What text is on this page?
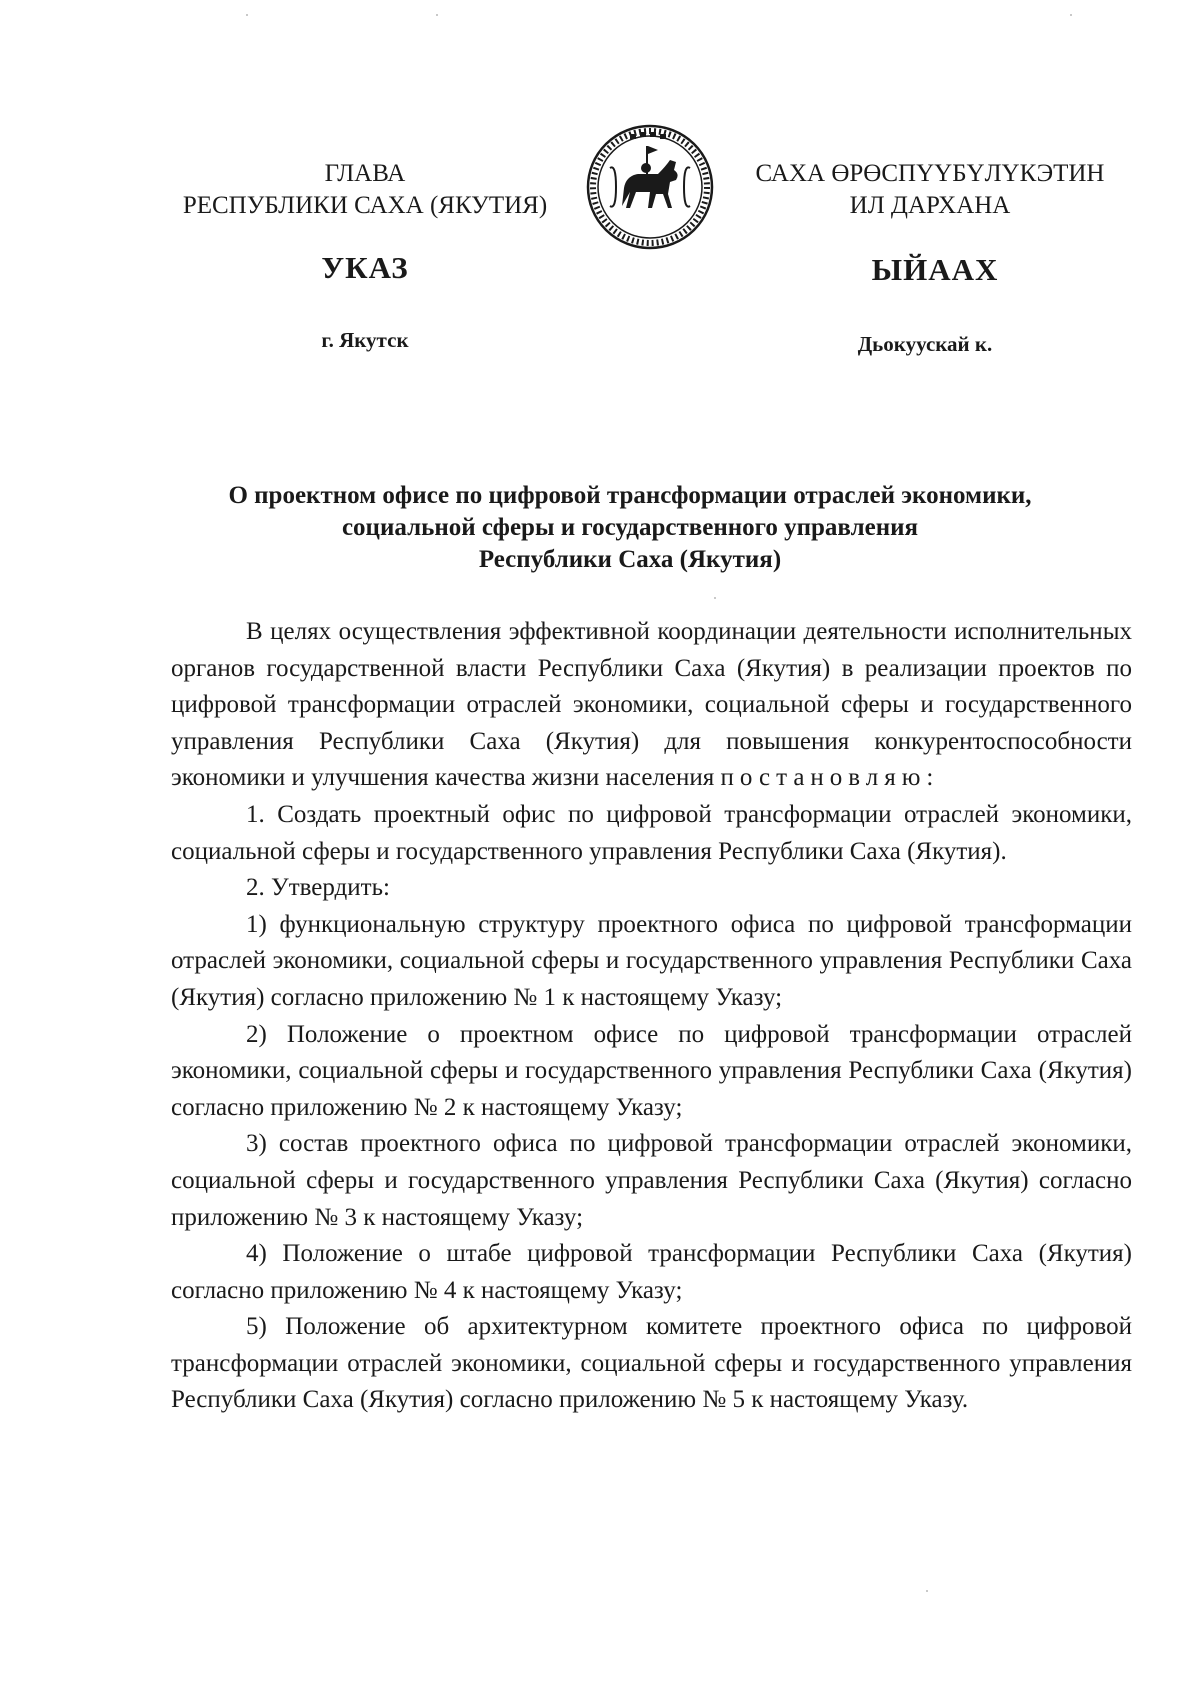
ГЛАВА
РЕСПУБЛИКИ САХА (ЯКУТИЯ)
САХА ӨРӨСПҮҮБҮЛҮКЭТИН
ИЛ ДАРХАНА
УКАЗ	ЫЙААХ
г. Якутск	Дьокуускай к.
О проектном офисе по цифровой трансформации отраслей экономики,
социальной сферы и государственного управления
Республики Саха (Якутия)

В целях осуществления эффективной координации деятельности исполнительных органов государственной власти Республики Саха (Якутия) в реализации проектов по цифровой трансформации отраслей экономики, социальной сферы и государственного управления Республики Саха (Якутия) для повышения конкурентоспособности экономики и улучшения качества жизни населения постановляю:

1. Создать проектный офис по цифровой трансформации отраслей экономики, социальной сферы и государственного управления Республики Саха (Якутия).

2. Утвердить:

1) функциональную структуру проектного офиса по цифровой трансформации отраслей экономики, социальной сферы и государственного управления Республики Саха (Якутия) согласно приложению № 1 к настоящему Указу;

2) Положение о проектном офисе по цифровой трансформации отраслей экономики, социальной сферы и государственного управления Республики Саха (Якутия) согласно приложению № 2 к настоящему Указу;

3) состав проектного офиса по цифровой трансформации отраслей экономики, социальной сферы и государственного управления Республики Саха (Якутия) согласно приложению № 3 к настоящему Указу;

4) Положение о штабе цифровой трансформации Республики Саха (Якутия) согласно приложению № 4 к настоящему Указу;

5) Положение об архитектурном комитете проектного офиса по цифровой трансформации отраслей экономики, социальной сферы и государственного управления Республики Саха (Якутия) согласно приложению № 5 к настоящему Указу.
